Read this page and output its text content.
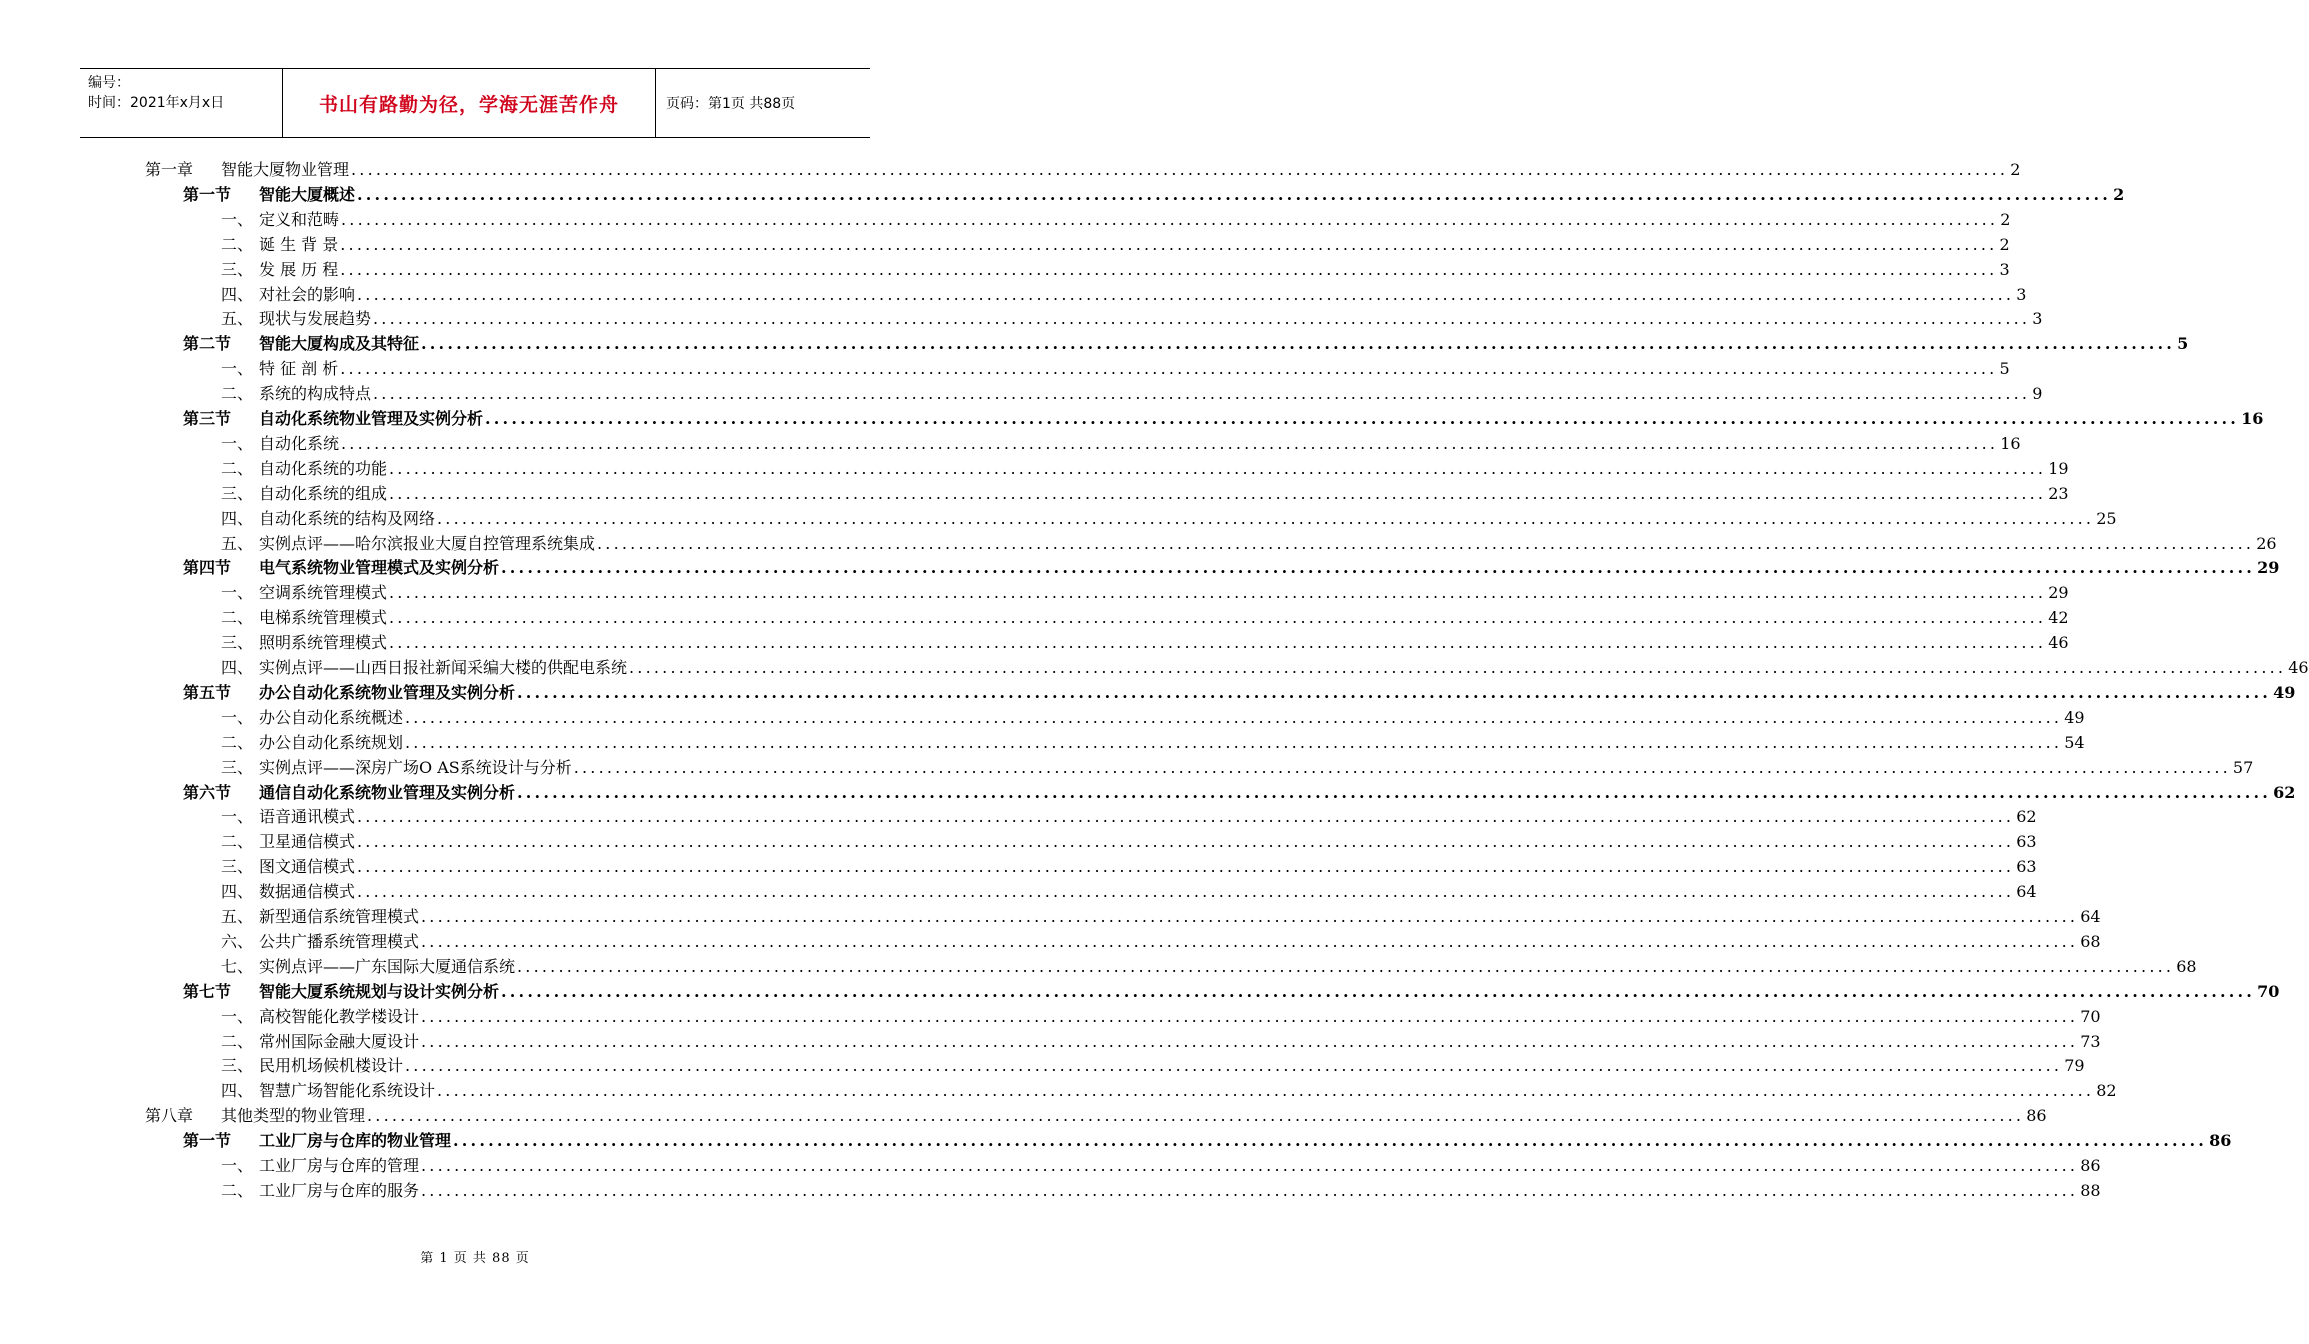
编号：
时间：2021年x月x日	书山有路勤为径，学海无涯苦作舟	页码：第1页 共88页
第一章	智能大厦物业管理 ........................................................................................................................................................................................................ 2
第一节	智能大厦概述 ........................................................................................................................................................................................................ 2
一、 定义和范畴 ........................................................................................................................................................................................................ 2
二、 诞 生 背 景 ........................................................................................................................................................................................................ 2
三、 发 展 历 程 ........................................................................................................................................................................................................ 3
四、 对社会的影响 ........................................................................................................................................................................................................ 3
五、 现状与发展趋势 ........................................................................................................................................................................................................ 3
第二节	智能大厦构成及其特征 ........................................................................................................................................................................................................ 5
一、 特 征 剖 析 ........................................................................................................................................................................................................ 5
二、 系统的构成特点 ........................................................................................................................................................................................................ 9
第三节	自动化系统物业管理及实例分析 ........................................................................................................................................................................................................ 16
一、 自动化系统 ........................................................................................................................................................................................................ 16
二、 自动化系统的功能 ........................................................................................................................................................................................................ 19
三、 自动化系统的组成 ........................................................................................................................................................................................................ 23
四、 自动化系统的结构及网络 ........................................................................................................................................................................................................ 25
五、 实例点评——哈尔滨报业大厦自控管理系统集成 ........................................................................................................................................................................................................ 26
第四节	电气系统物业管理模式及实例分析 ........................................................................................................................................................................................................ 29
一、 空调系统管理模式 ........................................................................................................................................................................................................ 29
二、 电梯系统管理模式 ........................................................................................................................................................................................................ 42
三、 照明系统管理模式 ........................................................................................................................................................................................................ 46
四、 实例点评——山西日报社新闻采编大楼的供配电系统 ........................................................................................................................................................................................................ 46
第五节	办公自动化系统物业管理及实例分析 ........................................................................................................................................................................................................ 49
一、 办公自动化系统概述 ........................................................................................................................................................................................................ 49
二、 办公自动化系统规划 ........................................................................................................................................................................................................ 54
三、 实例点评——深房广场O AS系统设计与分析 ........................................................................................................................................................................................................ 57
第六节	通信自动化系统物业管理及实例分析 ........................................................................................................................................................................................................ 62
一、 语音通讯模式 ........................................................................................................................................................................................................ 62
二、 卫星通信模式 ........................................................................................................................................................................................................ 63
三、 图文通信模式 ........................................................................................................................................................................................................ 63
四、 数据通信模式 ........................................................................................................................................................................................................ 64
五、 新型通信系统管理模式 ........................................................................................................................................................................................................ 64
六、 公共广播系统管理模式 ........................................................................................................................................................................................................ 68
七、 实例点评——广东国际大厦通信系统 ........................................................................................................................................................................................................ 68
第七节	智能大厦系统规划与设计实例分析 ........................................................................................................................................................................................................ 70
一、 高校智能化教学楼设计 ........................................................................................................................................................................................................ 70
二、 常州国际金融大厦设计 ........................................................................................................................................................................................................ 73
三、 民用机场候机楼设计 ........................................................................................................................................................................................................ 79
四、 智慧广场智能化系统设计 ........................................................................................................................................................................................................ 82
第八章	其他类型的物业管理 ........................................................................................................................................................................................................ 86
第一节	工业厂房与仓库的物业管理 ........................................................................................................................................................................................................ 86
一、 工业厂房与仓库的管理 ........................................................................................................................................................................................................ 86
二、 工业厂房与仓库的服务 ........................................................................................................................................................................................................ 88
第 1 页 共 88 页
